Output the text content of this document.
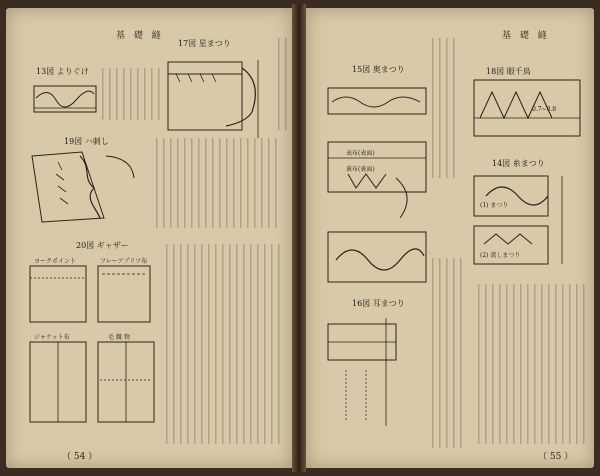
基 礎 縫
13図 よりぐけ
17図 星まつり
19図 ハ刺し
20図 ギャザー
ヨークポイント	フレーアプリツ布
ジャケット布	毛 織 物
（ 54 ）
基 礎 縫
15図 奥まつり
表布(表面)
裏布(裏面)
16図 耳まつり
18図 眼千鳥
0.7~0.8
14図 糸まつり
(1) まつり
(2) 流しまつり
（ 55 ）
